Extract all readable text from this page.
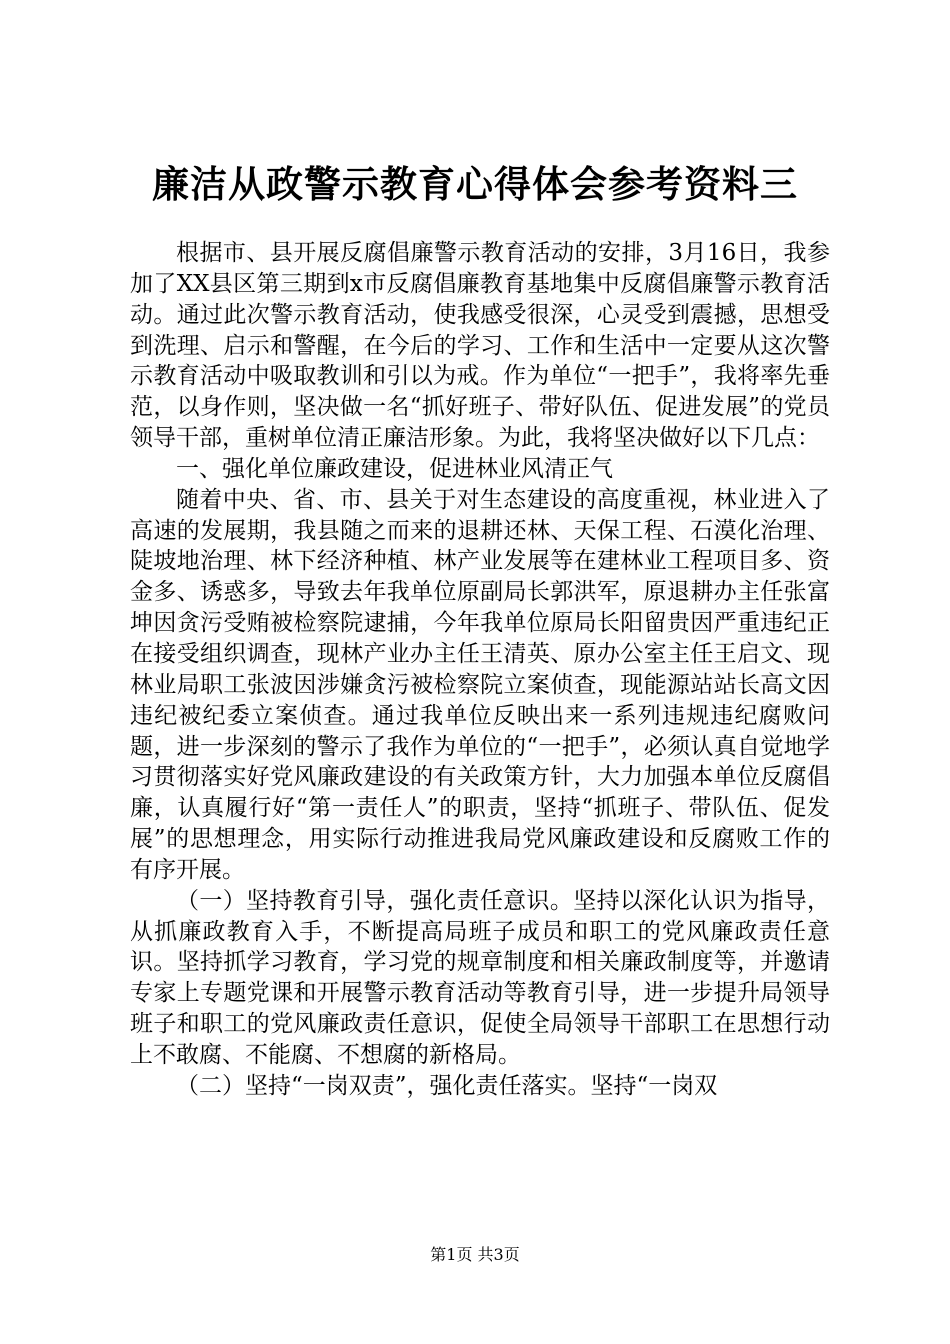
廉洁从政警示教育心得体会参考资料三

根据市、县开展反腐倡廉警示教育活动的安排，3月16日，我参加了XX县区第三期到x市反腐倡廉教育基地集中反腐倡廉警示教育活动。通过此次警示教育活动，使我感受很深，心灵受到震撼，思想受到洗理、启示和警醒，在今后的学习、工作和生活中一定要从这次警示教育活动中吸取教训和引以为戒。作为单位“一把手”，我将率先垂范，以身作则，坚决做一名“抓好班子、带好队伍、促进发展”的党员领导干部，重树单位清正廉洁形象。为此，我将坚决做好以下几点：

一、强化单位廉政建设，促进林业风清正气

随着中央、省、市、县关于对生态建设的高度重视，林业进入了高速的发展期，我县随之而来的退耕还林、天保工程、石漠化治理、陡坡地治理、林下经济种植、林产业发展等在建林业工程项目多、资金多、诱惑多，导致去年我单位原副局长郭洪军，原退耕办主任张富坤因贪污受贿被检察院逮捕，今年我单位原局长阳留贵因严重违纪正在接受组织调查，现林产业办主任王清英、原办公室主任王启文、现林业局职工张波因涉嫌贪污被检察院立案侦查，现能源站站长高文因违纪被纪委立案侦查。通过我单位反映出来一系列违规违纪腐败问题，进一步深刻的警示了我作为单位的“一把手”，必须认真自觉地学习贯彻落实好党风廉政建设的有关政策方针，大力加强本单位反腐倡廉，认真履行好“第一责任人”的职责，坚持“抓班子、带队伍、促发展”的思想理念，用实际行动推进我局党风廉政建设和反腐败工作的有序开展。

（一）坚持教育引导，强化责任意识。坚持以深化认识为指导，从抓廉政教育入手，不断提高局班子成员和职工的党风廉政责任意识。坚持抓学习教育，学习党的规章制度和相关廉政制度等，并邀请专家上专题党课和开展警示教育活动等教育引导，进一步提升局领导班子和职工的党风廉政责任意识，促使全局领导干部职工在思想行动上不敢腐、不能腐、不想腐的新格局。

（二）坚持“一岗双责”，强化责任落实。坚持“一岗双

第1页 共3页
